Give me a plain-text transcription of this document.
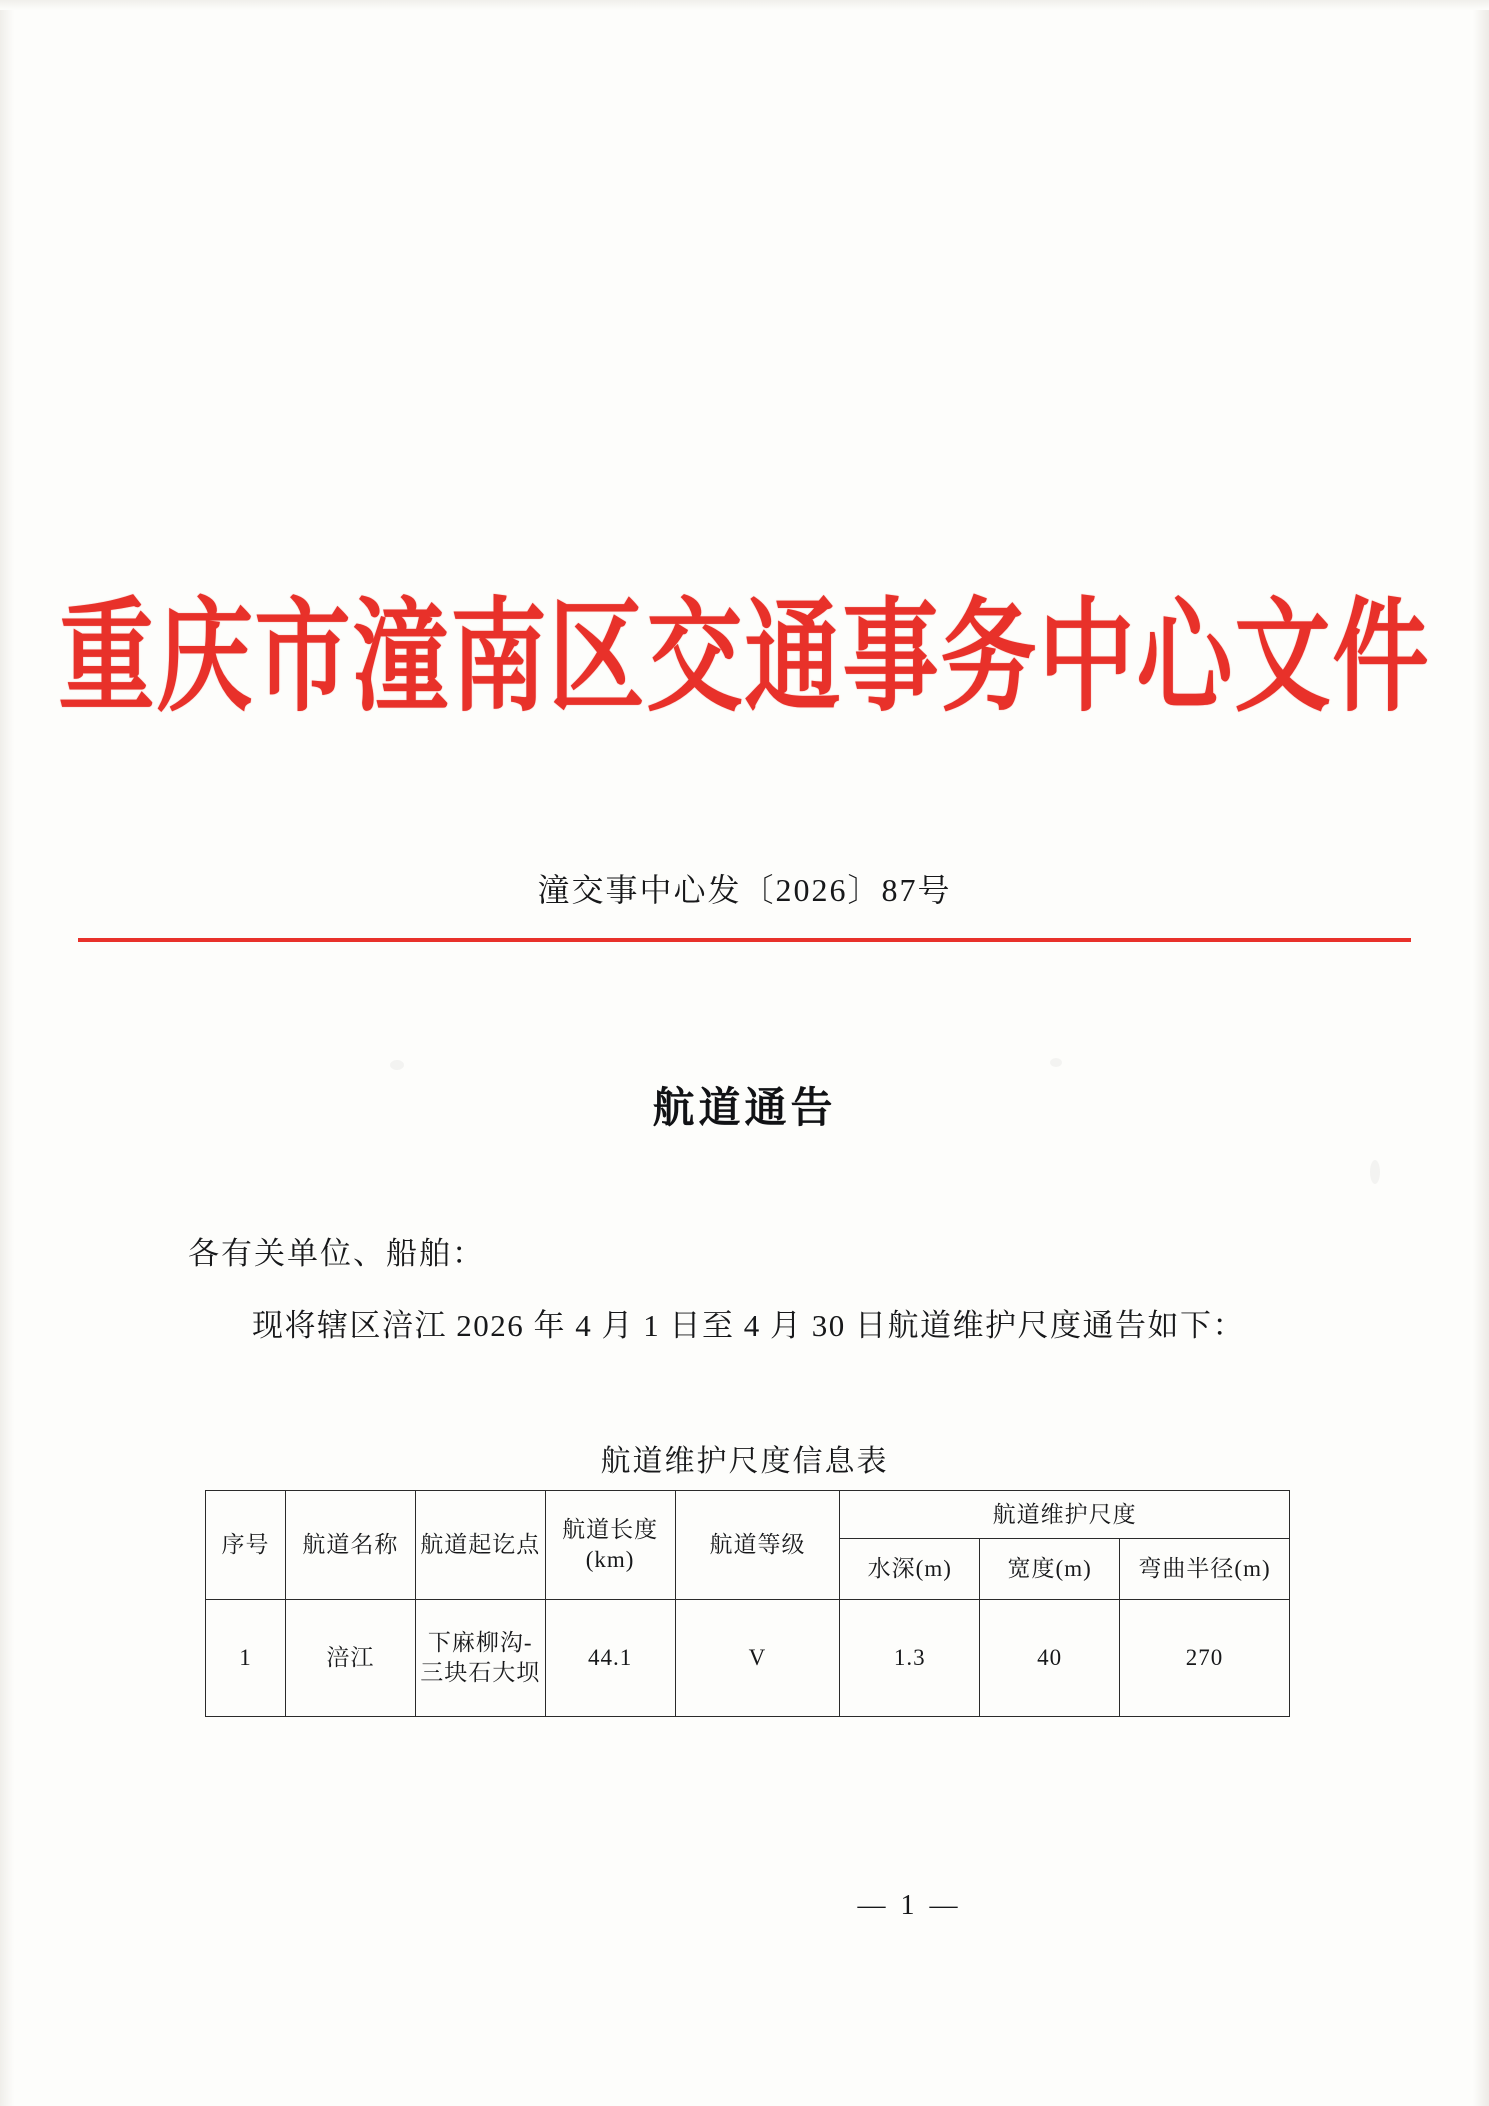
重庆市潼南区交通事务中心文件
潼交事中心发〔2026〕87号
航道通告
各有关单位、船舶：
现将辖区涪江 2026 年 4 月 1 日至 4 月 30 日航道维护尺度通告如下：
航道维护尺度信息表
序号	航道名称	航道起讫点	航道长度(km)	航道等级	航道维护尺度		
					水深(m)	宽度(m)	弯曲半径(m)
1	涪江	下麻柳沟-三块石大坝	44.1	V	1.3	40	270
— 1 —
